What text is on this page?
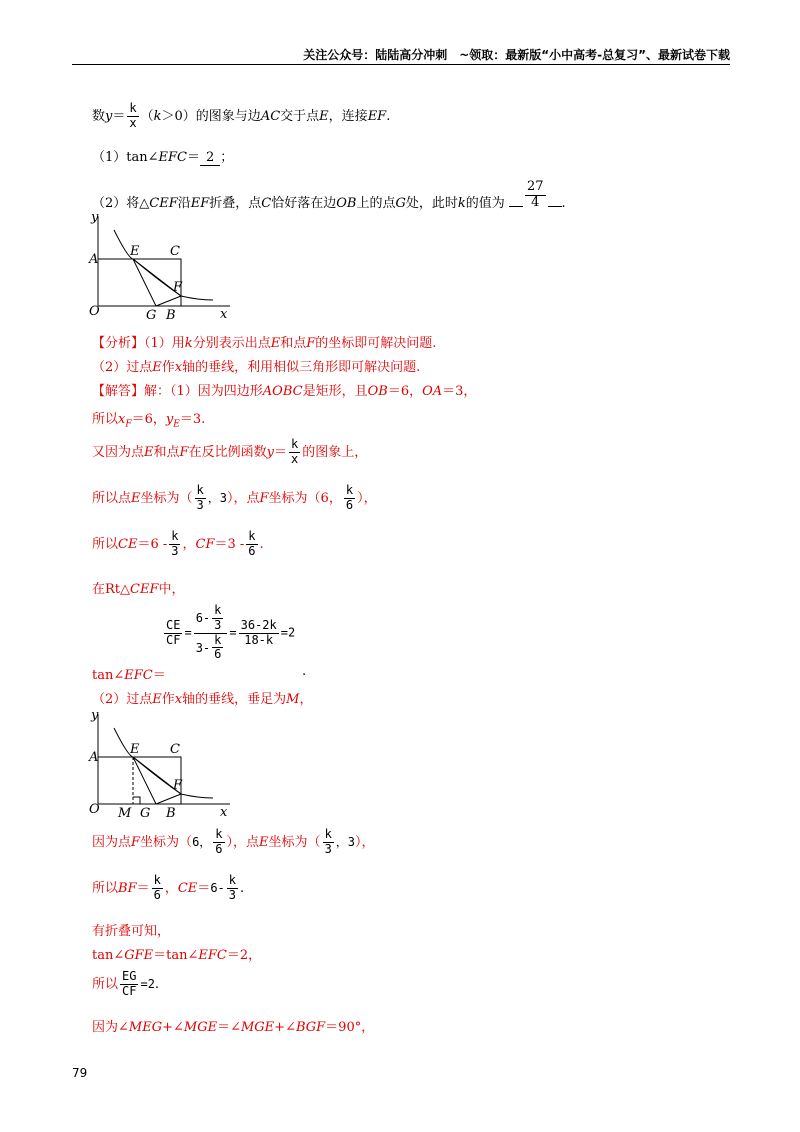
关注公众号：陆陆高分冲刺　~领取：最新版“小中高考-总复习”、最新试卷下载
数$y= \frac{k}{x} (k>0)$的图象与边AC交于点E，连接EF.
（1）tan∠EFC＝ 2 ；
（2）将△CEF沿EF折叠，点C恰好落在边OB上的点G处，此时k的值为 $\frac{27}{4}$ .
y
x
O
A
E C
F
G B
【分析】（1）用k分别表示出点E和点F的坐标即可解决问题.
（2）过点E作x轴的垂线，利用相似三角形即可解决问题.
【解答】解：（1）因为四边形AOBC是矩形，且OB＝6，OA＝3，
所以$x_F=6$，$y_E=3$.
又因为点E和点F在反比例函数$y= \frac{k}{x}$ 的图象上，
所以点E坐标为（ $\frac{k}{3}$ ，3），点F坐标为（6， $\frac{k}{6}$ ），
所以$CE=6 - \frac{k}{3}$ ，$CF=3 - \frac{k}{6}$ .
在Rt△CEF中，
$\frac{CE}{CF} = \frac{6- \frac{k}{3}}{3- \frac{k}{6}} = \frac{36-2k}{18-k} =2$
tan∠EFC＝	.
（2）过点E作x轴的垂线，垂足为M，
y
x
O
A
E C
F
M G B
因为点F坐标为（6， $\frac{k}{6}$ ），点E坐标为（ $\frac{k}{3}$ ，3），
所以$BF= \frac{k}{6}$ ，$CE=6- \frac{k}{3}$ .
有折叠可知，
tan∠GFE＝tan∠EFC＝2，
所以 $\frac{EG}{CF} =2$.
因为∠MEG+∠MGE＝∠MGE+∠BGF＝90°，
79
